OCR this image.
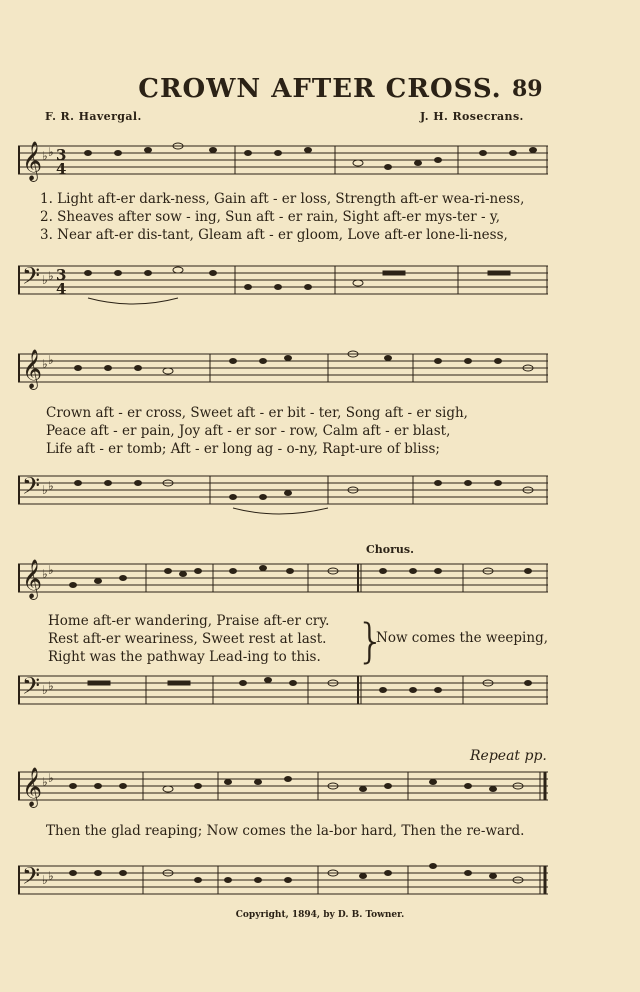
CROWN AFTER CROSS. 89
F. R. Havergal.	J. H. Rosecrans.
𝄞 ♭ ♭ 3
4
1. Light aft-er dark-ness, Gain aft - er loss, Strength aft-er wea-ri-ness,
2. Sheaves after sow - ing, Sun aft - er rain, Sight aft-er mys-ter - y,
3. Near aft-er dis-tant, Gleam aft - er gloom, Love aft-er lone-li-ness,
𝄢 ♭ ♭ 3
4
𝄞 ♭ ♭
Crown aft - er cross, Sweet aft - er bit - ter, Song aft - er sigh,
Peace aft - er pain, Joy aft - er sor - row, Calm aft - er blast,
Life aft - er tomb; Aft - er long ag - o-ny, Rapt-ure of bliss;
𝄢 ♭ ♭
Chorus.
𝄞 ♭ ♭
Home aft-er wandering, Praise aft-er cry.
Rest aft-er weariness, Sweet rest at last.
Right was the pathway Lead-ing to this. }
Now comes the weeping,
𝄢 ♭ ♭
Repeat pp.
𝄞 ♭ ♭
Then the glad reaping; Now comes the la-bor hard, Then the re-ward.
𝄢 ♭ ♭
Copyright, 1894, by D. B. Towner.
